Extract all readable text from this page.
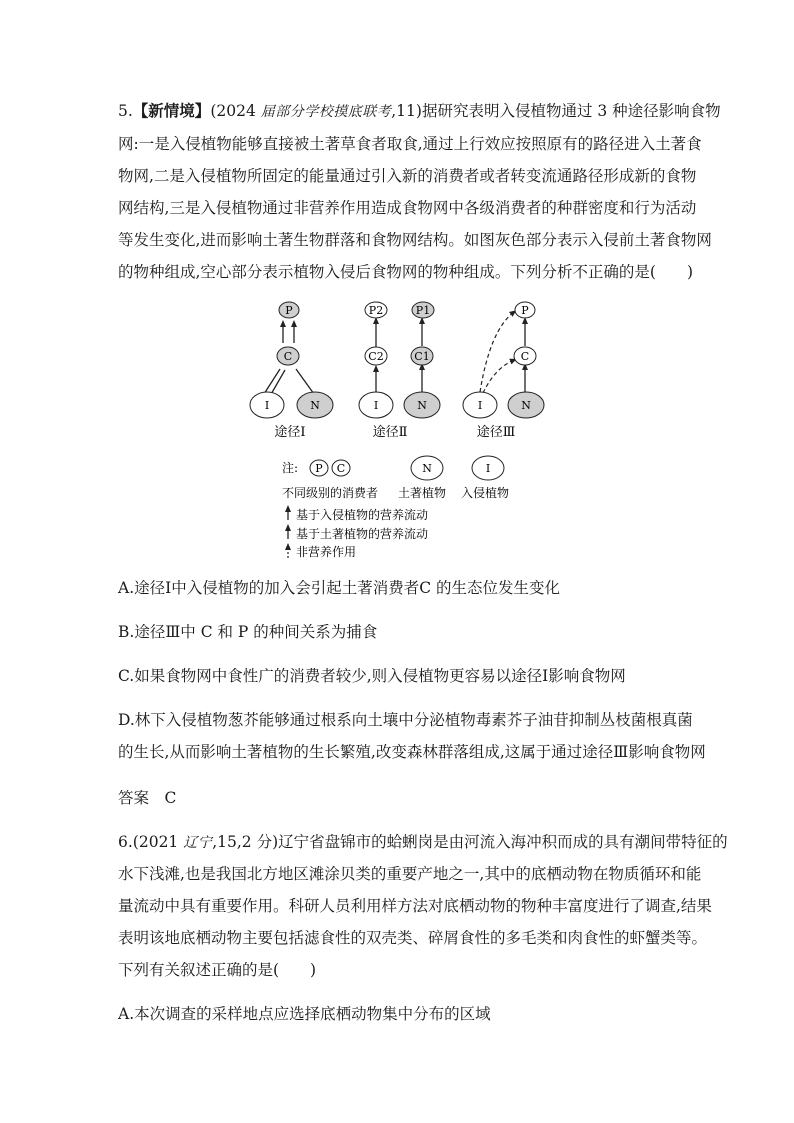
5.【新情境】(2024 届部分学校摸底联考,11)据研究表明入侵植物通过 3 种途径影响食物
网:一是入侵植物能够直接被土著草食者取食,通过上行效应按照原有的路径进入土著食
物网,二是入侵植物所固定的能量通过引入新的消费者或者转变流通路径形成新的食物
网结构,三是入侵植物通过非营养作用造成食物网中各级消费者的种群密度和行为活动
等发生变化,进而影响土著生物群落和食物网结构。如图灰色部分表示入侵前土著食物网
的物种组成,空心部分表示植物入侵后食物网的物种组成。下列分析不正确的是(　　)
P
C
I	N
途径Ⅰ
P2	P1
C2	C1
I	N
途径Ⅱ
P
C
I	N
途径Ⅲ
注: P C	N	I
不同级别的消费者 土著植物 入侵植物
基于入侵植物的营养流动
基于土著植物的营养流动
非营养作用
A.途径Ⅰ中入侵植物的加入会引起土著消费者C 的生态位发生变化
B.途径Ⅲ中 C 和 P 的种间关系为捕食
C.如果食物网中食性广的消费者较少,则入侵植物更容易以途径Ⅰ影响食物网
D.林下入侵植物葱芥能够通过根系向土壤中分泌植物毒素芥子油苷抑制丛枝菌根真菌
的生长,从而影响土著植物的生长繁殖,改变森林群落组成,这属于通过途径Ⅲ影响食物网
答案　C
6.(2021 辽宁,15,2 分)辽宁省盘锦市的蛤蜊岗是由河流入海冲积而成的具有潮间带特征的
水下浅滩,也是我国北方地区滩涂贝类的重要产地之一,其中的底栖动物在物质循环和能
量流动中具有重要作用。科研人员利用样方法对底栖动物的物种丰富度进行了调查,结果
表明该地底栖动物主要包括滤食性的双壳类、碎屑食性的多毛类和肉食性的虾蟹类等。
下列有关叙述正确的是(　　)
A.本次调查的采样地点应选择底栖动物集中分布的区域
